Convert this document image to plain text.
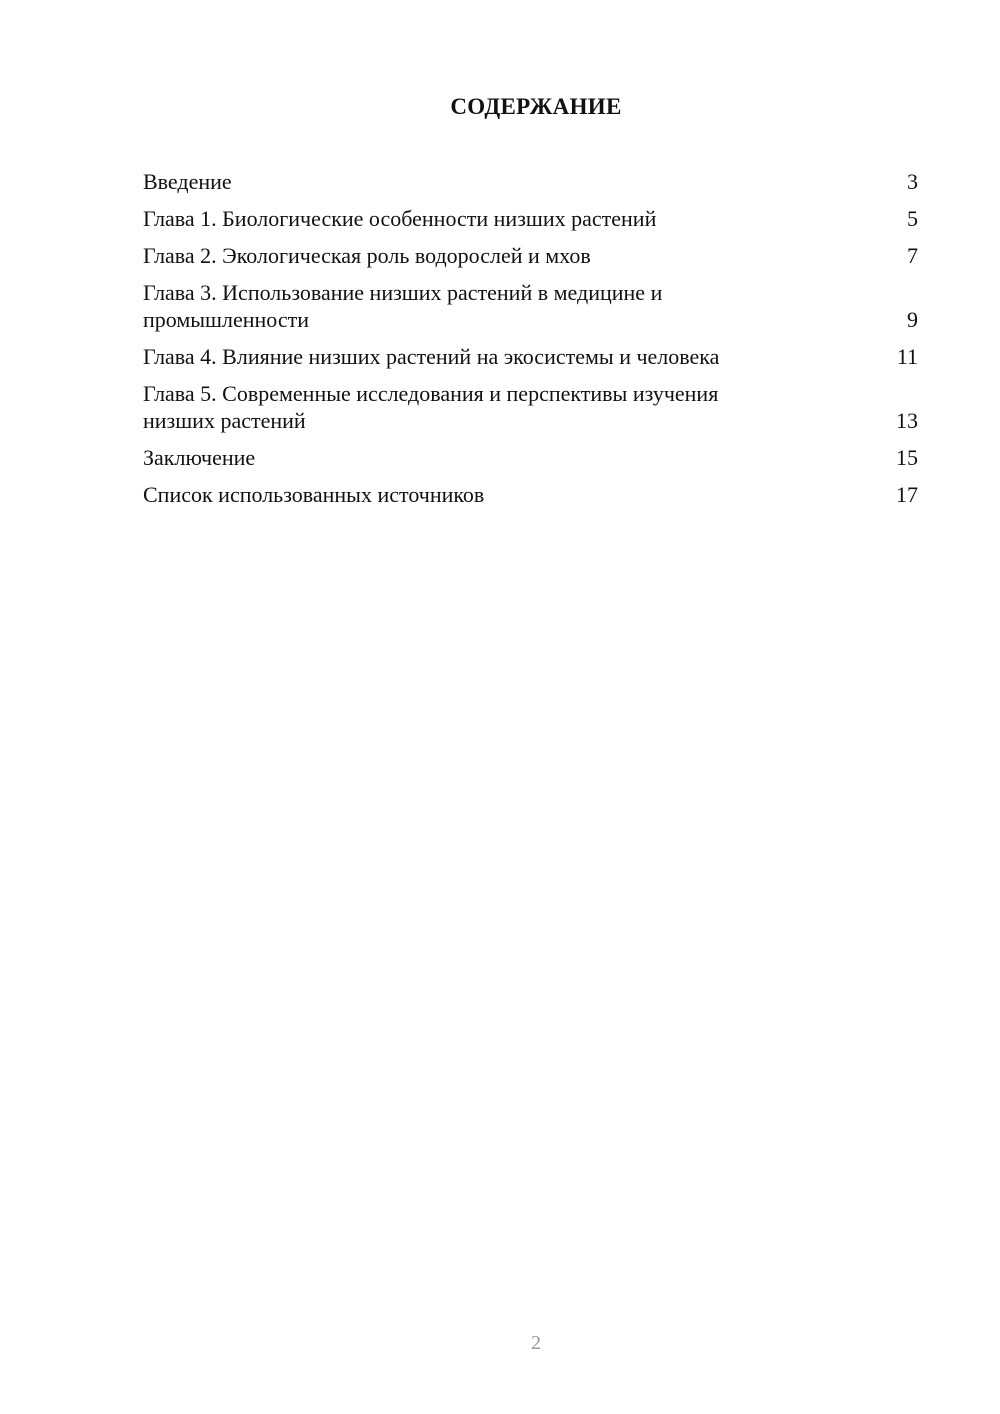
СОДЕРЖАНИЕ
Введение	3
Глава 1. Биологические особенности низших растений	5
Глава 2. Экологическая роль водорослей и мхов	7
Глава 3. Использование низших растений в медицине и промышленности	9
Глава 4. Влияние низших растений на экосистемы и человека	11
Глава 5. Современные исследования и перспективы изучения низших растений	13
Заключение	15
Список использованных источников	17
2
